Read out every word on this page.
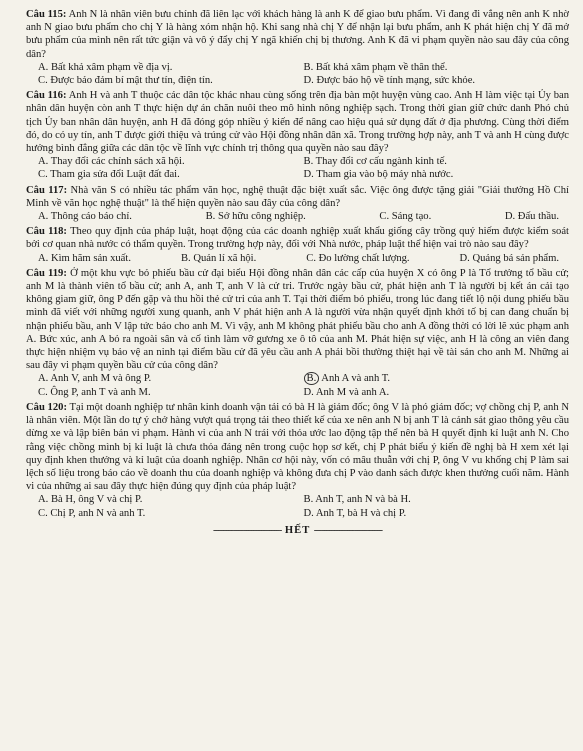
Câu 115: Anh N là nhân viên bưu chính đã liên lạc với khách hàng là anh K để giao bưu phẩm. Vì đang đi vắng nên anh K nhờ anh N giao bưu phẩm cho chị Y là hàng xóm nhận hộ. Khi sang nhà chị Y để nhận lại bưu phẩm, anh K phát hiện chị Y đã mở bưu phẩm của mình nên rất tức giận và vô ý đẩy chị Y ngã khiến chị bị thương. Anh K đã vi phạm quyền nào sau đây của công dân?

A. Bất khả xâm phạm về địa vị.	B. Bất khả xâm phạm về thân thể.
C. Được bảo đảm bí mật thư tín, điện tín.	D. Được bảo hộ về tính mạng, sức khỏe.

Câu 116: Anh H và anh T thuộc các dân tộc khác nhau cùng sống trên địa bàn một huyện vùng cao. Anh H làm việc tại Ủy ban nhân dân huyện còn anh T thực hiện dự án chăn nuôi theo mô hình nông nghiệp sạch. Trong thời gian giữ chức danh Phó chủ tịch Ủy ban nhân dân huyện, anh H đã đóng góp nhiều ý kiến để nâng cao hiệu quả sử dụng đất ở địa phương. Cùng thời điểm đó, do có uy tín, anh T được giới thiệu và trúng cử vào Hội đồng nhân dân xã. Trong trường hợp này, anh T và anh H cùng được hưởng bình đẳng giữa các dân tộc về lĩnh vực chính trị thông qua quyền nào sau đây?

A. Thay đổi các chính sách xã hội.	B. Thay đổi cơ cấu ngành kinh tế.
C. Tham gia sửa đổi Luật đất đai.	D. Tham gia vào bộ máy nhà nước.

Câu 117: Nhà văn S có nhiều tác phẩm văn học, nghệ thuật đặc biệt xuất sắc. Việc ông được tặng giải "Giải thưởng Hồ Chí Minh về văn học nghệ thuật" là thể hiện quyền nào sau đây của công dân?

A. Thông cáo báo chí.	B. Sở hữu công nghiệp.	C. Sáng tạo.	D. Đấu thầu.

Câu 118: Theo quy định của pháp luật, hoạt động của các doanh nghiệp xuất khẩu giống cây trồng quý hiếm được kiểm soát bởi cơ quan nhà nước có thẩm quyền. Trong trường hợp này, đối với Nhà nước, pháp luật thể hiện vai trò nào sau đây?

A. Kìm hãm sản xuất.	B. Quản lí xã hội.	C. Đo lường chất lượng.	D. Quảng bá sản phẩm.

Câu 119: Ở một khu vực bỏ phiếu bầu cử đại biểu Hội đồng nhân dân các cấp của huyện X có ông P là Tổ trưởng tổ bầu cử; anh M là thành viên tổ bầu cử; anh A, anh T, anh V là cử tri. Trước ngày bầu cử, phát hiện anh T là người bị kết án cải tạo không giam giữ, ông P đến gặp và thu hồi thẻ cử tri của anh T. Tại thời điểm bỏ phiếu, trong lúc đang tiết lộ nội dung phiếu bầu mình đã viết với những người xung quanh, anh V phát hiện anh A là người vừa nhận quyết định khởi tố bị can đang chuẩn bị nhận phiếu bầu, anh V lập tức báo cho anh M. Vì vậy, anh M không phát phiếu bầu cho anh A đồng thời có lời lẽ xúc phạm anh A. Bức xúc, anh A bỏ ra ngoài sân và cố tình làm vỡ gương xe ô tô của anh M. Phát hiện sự việc, anh H là công an viên đang thực hiện nhiệm vụ bảo vệ an ninh tại điểm bầu cử đã yêu cầu anh A phải bồi thường thiệt hại về tài sản cho anh M. Những ai sau đây vi phạm quyền bầu cử của công dân?

A. Anh V, anh M và ông P.	B. Anh A và anh T.
C. Ông P, anh T và anh M.	D. Anh M và anh A.

Câu 120: Tại một doanh nghiệp tư nhân kinh doanh vận tải có bà H là giám đốc; ông V là phó giám đốc; vợ chồng chị P, anh N là nhân viên. Một lần do tự ý chở hàng vượt quá trọng tải theo thiết kế của xe nên anh N bị anh T là cảnh sát giao thông yêu cầu dừng xe và lập biên bản vi phạm. Hành vi của anh N trái với thỏa ước lao động tập thể nên bà H quyết định kỉ luật anh N. Cho rằng việc chồng mình bị kỉ luật là chưa thỏa đáng nên trong cuộc họp sơ kết, chị P phát biểu ý kiến đề nghị bà H xem xét lại quy định khen thưởng và kỉ luật của doanh nghiệp. Nhân cơ hội này, vốn có mâu thuẫn với chị P, ông V vu khống chị P làm sai lệch số liệu trong báo cáo về doanh thu của doanh nghiệp và không đưa chị P vào danh sách được khen thưởng cuối năm. Hành vi của những ai sau đây thực hiện đúng quy định của pháp luật?

A. Bà H, ông V và chị P.	B. Anh T, anh N và bà H.
C. Chị P, anh N và anh T.	D. Anh T, bà H và chị P.
--------------------------- HẾT ---------------------------
